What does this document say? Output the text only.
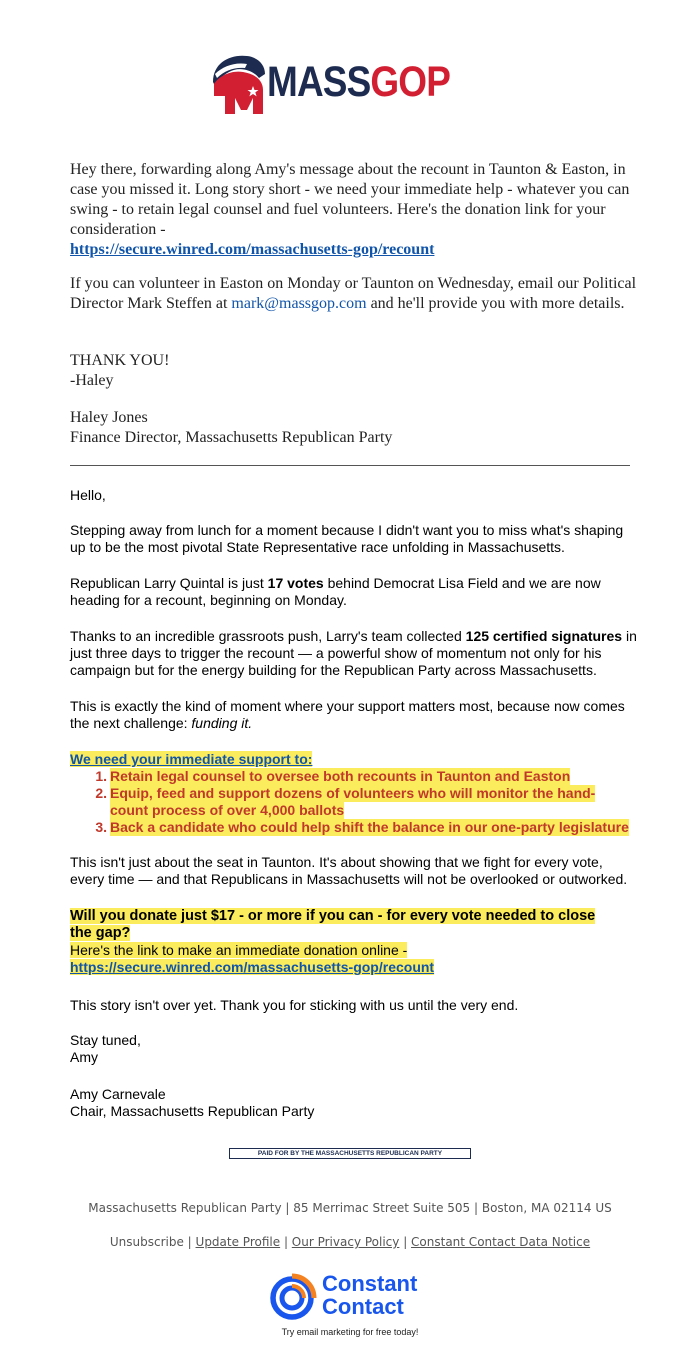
MASSGOP
Hey there, forwarding along Amy's message about the recount in Taunton & Easton, in case you missed it. Long story short - we need your immediate help - whatever you can swing - to retain legal counsel and fuel volunteers. Here's the donation link for your consideration -
https://secure.winred.com/massachusetts-gop/recount
If you can volunteer in Easton on Monday or Taunton on Wednesday, email our Political Director Mark Steffen at mark@massgop.com and he'll provide you with more details.
THANK YOU!
-Haley
Haley Jones
Finance Director, Massachusetts Republican Party
Hello,
Stepping away from lunch for a moment because I didn't want you to miss what's shaping up to be the most pivotal State Representative race unfolding in Massachusetts.
Republican Larry Quintal is just 17 votes behind Democrat Lisa Field and we are now heading for a recount, beginning on Monday.
Thanks to an incredible grassroots push, Larry's team collected 125 certified signatures in just three days to trigger the recount — a powerful show of momentum not only for his campaign but for the energy building for the Republican Party across Massachusetts.
This is exactly the kind of moment where your support matters most, because now comes the next challenge: funding it.
We need your immediate support to:
1. Retain legal counsel to oversee both recounts in Taunton and Easton
2. Equip, feed and support dozens of volunteers who will monitor the hand-
count process of over 4,000 ballots
3. Back a candidate who could help shift the balance in our one-party legislature
This isn't just about the seat in Taunton. It's about showing that we fight for every vote, every time — and that Republicans in Massachusetts will not be overlooked or outworked.
Will you donate just $17 - or more if you can - for every vote needed to close
the gap?
Here's the link to make an immediate donation online -
https://secure.winred.com/massachusetts-gop/recount
This story isn't over yet. Thank you for sticking with us until the very end.
Stay tuned,
Amy
Amy Carnevale
Chair, Massachusetts Republican Party
PAID FOR BY THE MASSACHUSETTS REPUBLICAN PARTY
Massachusetts Republican Party | 85 Merrimac Street Suite 505 | Boston, MA 02114 US
Unsubscribe | Update Profile | Our Privacy Policy | Constant Contact Data Notice
Constant
Contact
Try email marketing for free today!
